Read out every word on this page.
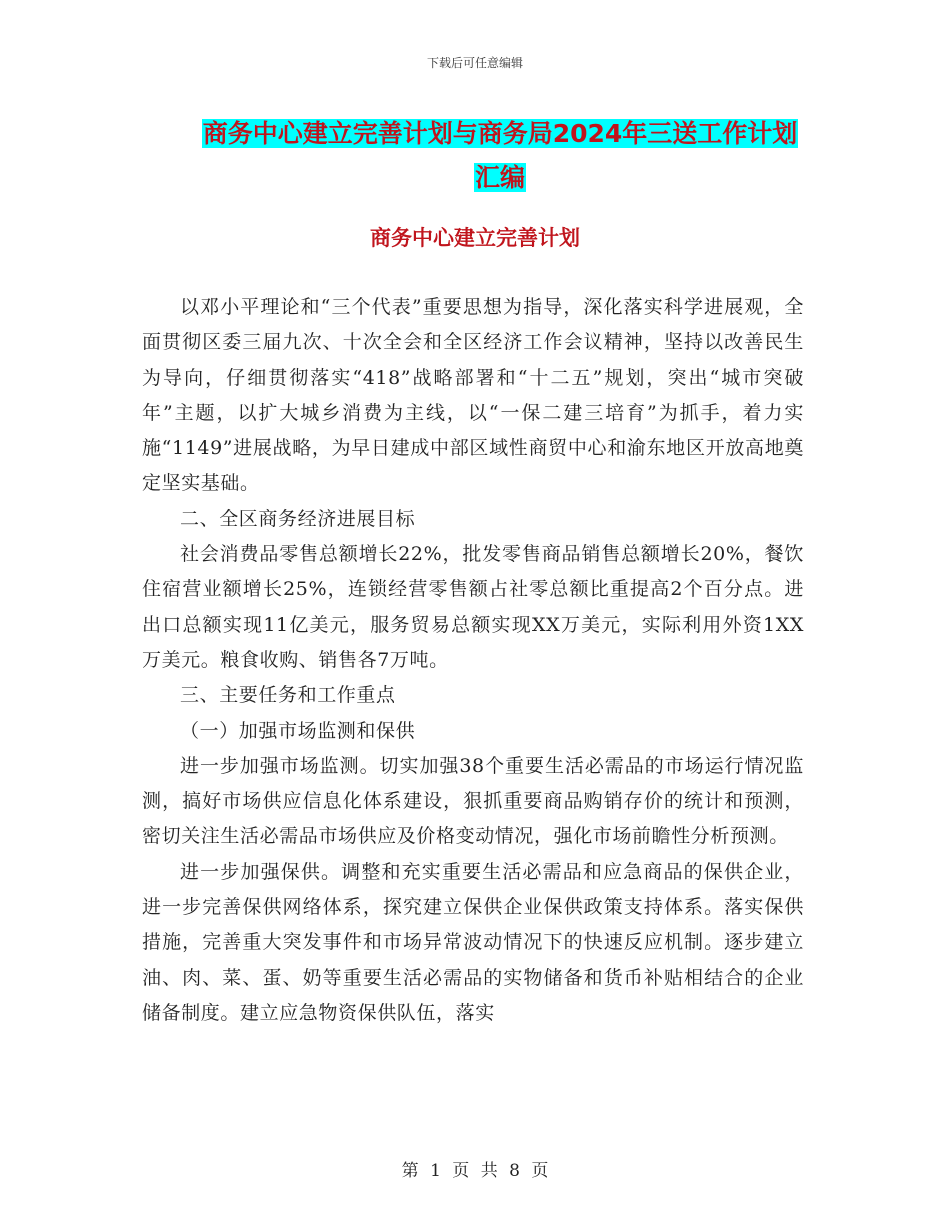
下载后可任意编辑
商务中心建立完善计划与商务局2024年三送工作计划
汇编
商务中心建立完善计划

以邓小平理论和“三个代表”重要思想为指导，深化落实科学进展观，全面贯彻区委三届九次、十次全会和全区经济工作会议精神，坚持以改善民生为导向，仔细贯彻落实“418”战略部署和“十二五”规划，突出“城市突破年”主题，以扩大城乡消费为主线，以“一保二建三培育”为抓手，着力实施“1149”进展战略，为早日建成中部区域性商贸中心和渝东地区开放高地奠定坚实基础。

二、全区商务经济进展目标

社会消费品零售总额增长22%，批发零售商品销售总额增长20%，餐饮住宿营业额增长25%，连锁经营零售额占社零总额比重提高2个百分点。进出口总额实现11亿美元，服务贸易总额实现XX万美元，实际利用外资1XX万美元。粮食收购、销售各7万吨。

三、主要任务和工作重点

（一）加强市场监测和保供

进一步加强市场监测。切实加强38个重要生活必需品的市场运行情况监测，搞好市场供应信息化体系建设，狠抓重要商品购销存价的统计和预测，密切关注生活必需品市场供应及价格变动情况，强化市场前瞻性分析预测。

进一步加强保供。调整和充实重要生活必需品和应急商品的保供企业，进一步完善保供网络体系，探究建立保供企业保供政策支持体系。落实保供措施，完善重大突发事件和市场异常波动情况下的快速反应机制。逐步建立油、肉、菜、蛋、奶等重要生活必需品的实物储备和货币补贴相结合的企业储备制度。建立应急物资保供队伍，落实

第 1 页 共 8 页
